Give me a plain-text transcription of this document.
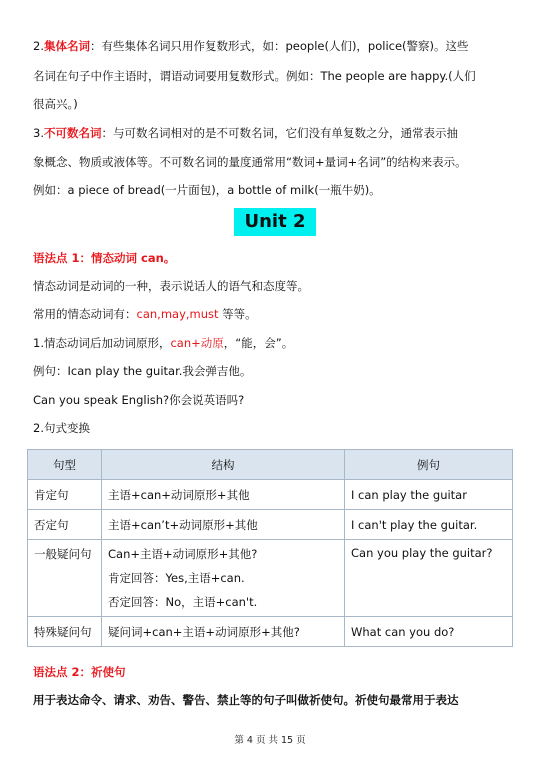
2.集体名词：有些集体名词只用作复数形式，如：people(人们)，police(警察)。这些
名词在句子中作主语时，谓语动词要用复数形式。例如：The people are happy.(人们
很高兴。)
3.不可数名词：与可数名词相对的是不可数名词，它们没有单复数之分，通常表示抽
象概念、物质或液体等。不可数名词的量度通常用“数词+量词+名词”的结构来表示。
例如：a piece of bread(一片面包)，a bottle of milk(一瓶牛奶)。
Unit 2
语法点 1：情态动词 can。
情态动词是动词的一种，表示说话人的语气和态度等。
常用的情态动词有：can,may,must 等等。
1.情态动词后加动词原形，can+动原，“能，会”。
例句：Ican play the guitar.我会弹吉他。
Can you speak English?你会说英语吗?
2.句式变换
句型	结构	例句
肯定句	主语+can+动词原形+其他	I can play the guitar
否定句	主语+can’t+动词原形+其他	I can't play the guitar.
一般疑问句	Can+主语+动词原形+其他?
肯定回答：Yes,主语+can.
否定回答：No，主语+can't.	Can you play the guitar?
特殊疑问句	疑问词+can+主语+动词原形+其他?	What can you do?
语法点 2：祈使句
用于表达命令、请求、劝告、警告、禁止等的句子叫做祈使句。祈使句最常用于表达
第 4 页 共 15 页
